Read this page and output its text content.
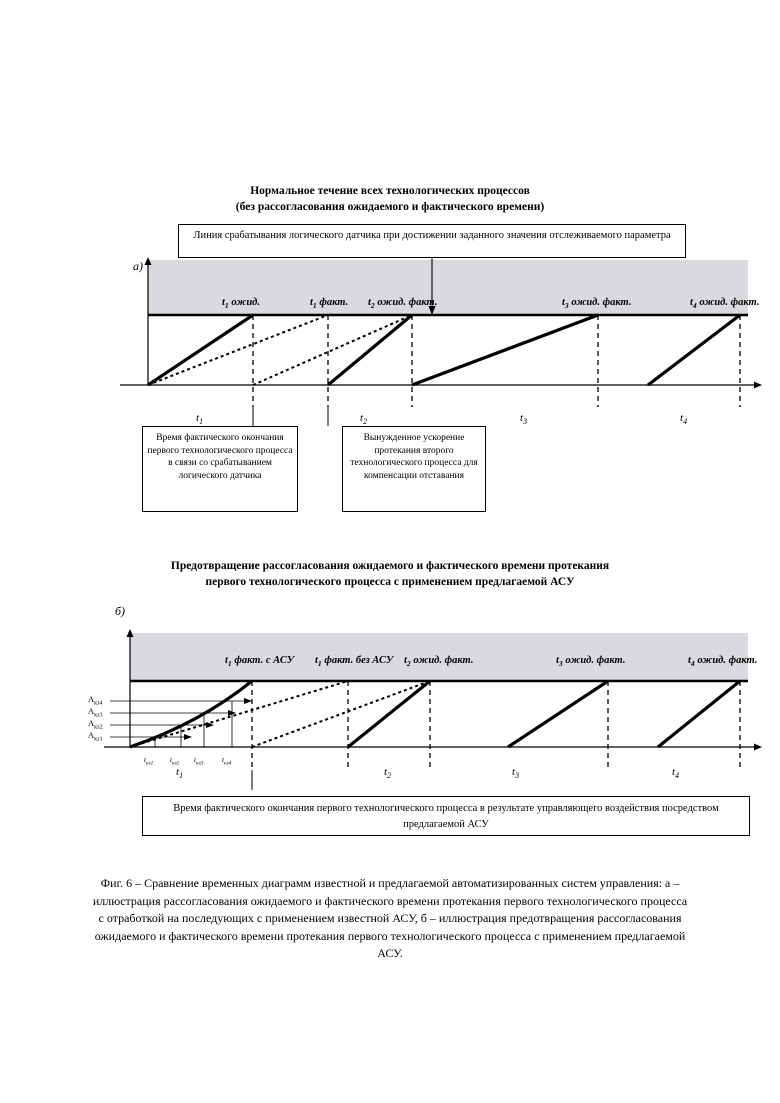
Нормальное течение всех технологических процессов
(без рассогласования ожидаемого и фактического времени)
Линия срабатывания логического датчика при достижении заданного значения отслеживаемого параметра
а)
$t_1$ ожид.	$t_1$ факт. $t_2$ ожид. факт.	$t_3$ ожид. факт.	$t_4$ ожид. факт.
$t_1$	$t_2$	$t_3$	$t_4$
Время фактического окончания первого технологического процесса в связи со срабатыванием логического датчика
Вынужденное ускорение протекания второго технологического процесса для компенсации отставания
Предотвращение рассогласования ожидаемого и фактического времени протекания
первого технологического процесса с применением предлагаемой АСУ
б)
$t_1$ факт. с АСУ $t_1$ факт. без АСУ $t_2$ ожид. факт.	$t_3$ ожид. факт.	$t_4$ ожид. факт.
$A_{кз4}$
$A_{кз3}$
$A_{кз2}$
$A_{кз1}$
$t_{кз1}$ $t_{кз2}$ $t_{кз3}$ $t_{кз4}$
$t_1$	$t_2$	$t_3$	$t_4$
Время фактического окончания первого технологического процесса в результате управляющего воздействия посредством предлагаемой АСУ
Фиг. 6 – Сравнение временных диаграмм известной и предлагаемой автоматизированных систем управления: а – иллюстрация рассогласования ожидаемого и фактического времени протекания первого технологического процесса с отработкой на последующих с применением известной АСУ, б – иллюстрация предотвращения рассогласования ожидаемого и фактического времени протекания первого технологического процесса с применением предлагаемой АСУ.
